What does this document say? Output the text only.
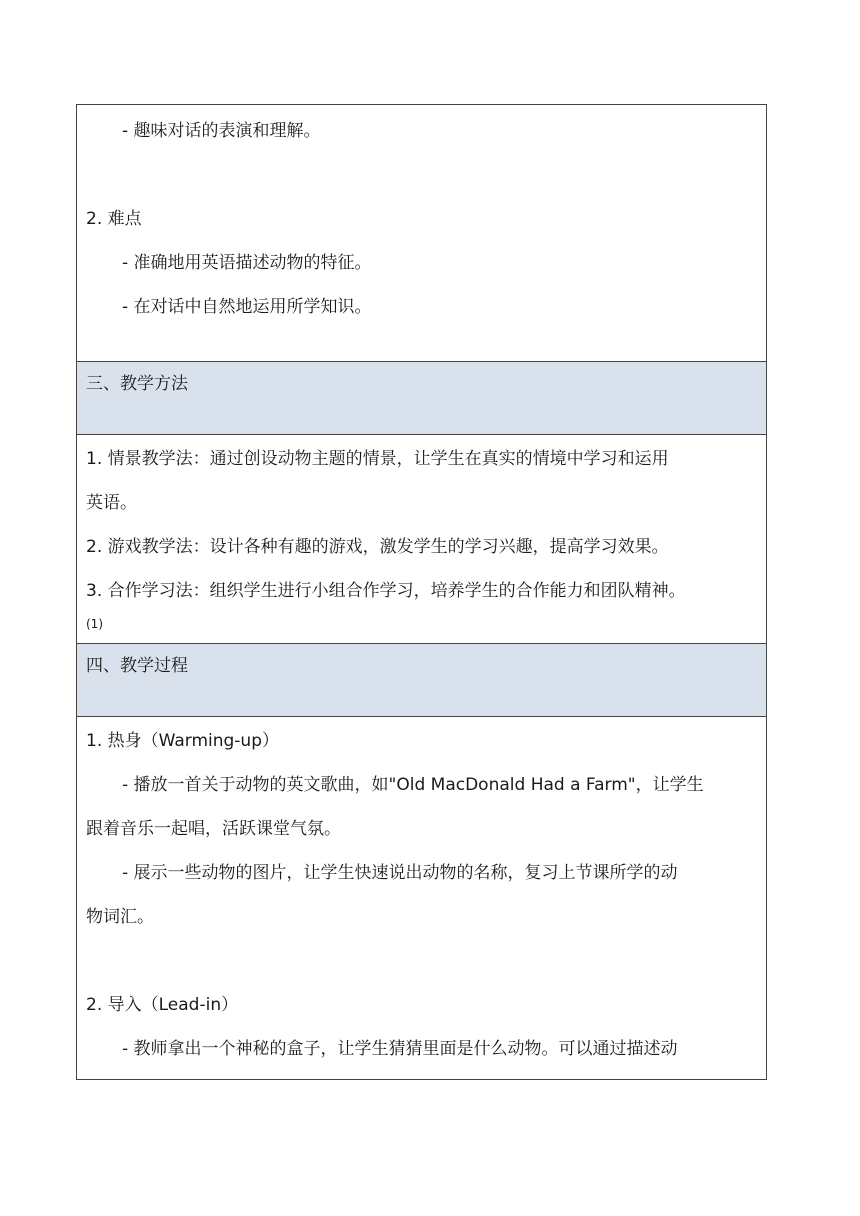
- 趣味对话的表演和理解。
2. 难点
- 准确地用英语描述动物的特征。
- 在对话中自然地运用所学知识。

三、教学方法

1. 情景教学法：通过创设动物主题的情景，让学生在真实的情境中学习和运用
英语。
2. 游戏教学法：设计各种有趣的游戏，激发学生的学习兴趣，提高学习效果。
3. 合作学习法：组织学生进行小组合作学习，培养学生的合作能力和团队精神。
(1)

四、教学过程

1. 热身（Warming-up）
- 播放一首关于动物的英文歌曲，如"Old MacDonald Had a Farm"，让学生
跟着音乐一起唱，活跃课堂气氛。
- 展示一些动物的图片，让学生快速说出动物的名称，复习上节课所学的动
物词汇。
2. 导入（Lead-in）
- 教师拿出一个神秘的盒子，让学生猜猜里面是什么动物。可以通过描述动
